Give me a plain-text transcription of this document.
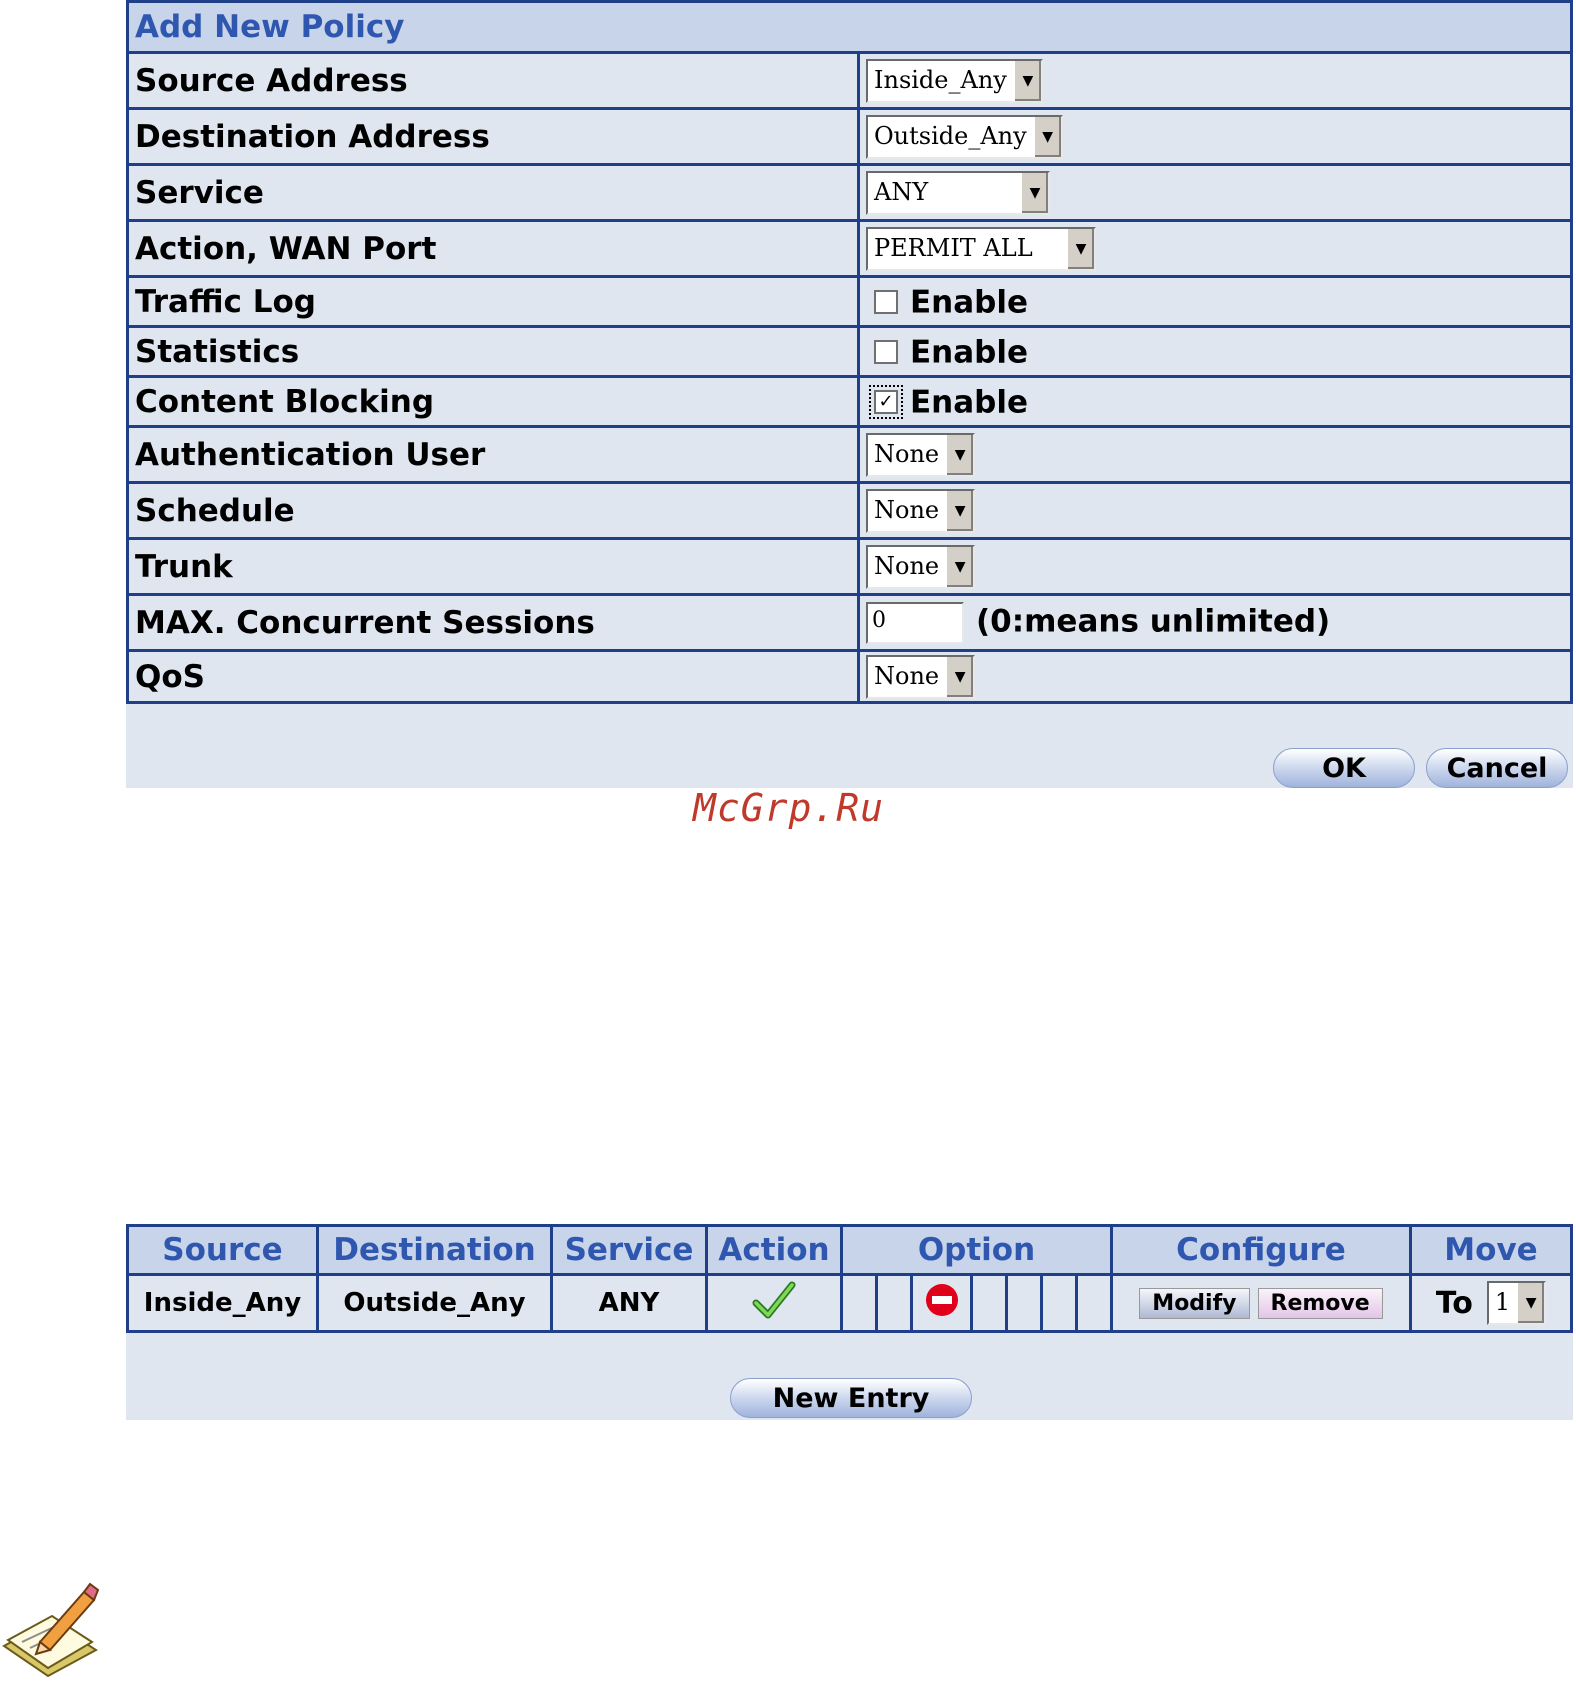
Add New Policy	
Source Address	Inside_Any ▼

Destination Address	Outside_Any ▼

Service	ANY ▼

Action, WAN Port	PERMIT ALL ▼

Traffic Log	Enable
Statistics	Enable
Content Blocking	✓ Enable
Authentication User	None ▼

Schedule	None ▼

Trunk	None ▼

MAX. Concurrent Sessions	0 (0:means unlimited)
QoS	None ▼
OK	Cancel
McGrp.Ru
Source	Destination	Service	Action	Option							Configure	Move
Inside_Any	Outside_Any	ANY									Modify Remove	To 1 ▼
New Entry
